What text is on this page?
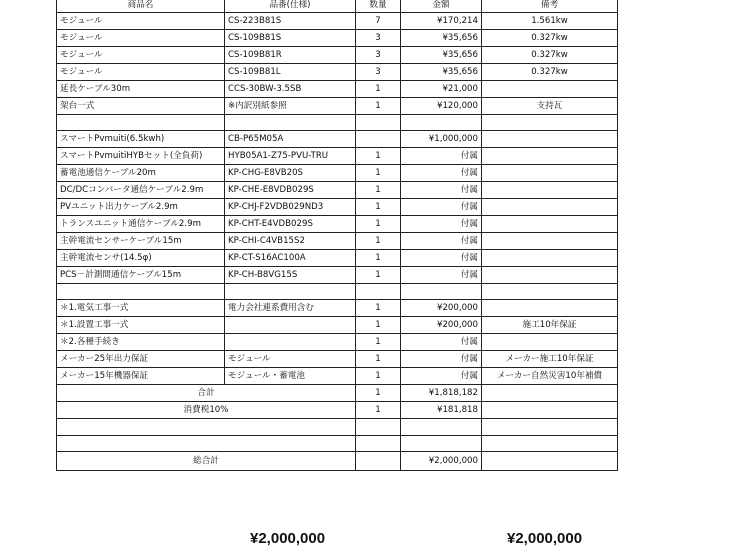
商品名	品番(仕様)	数量	金額	備考
モジュール	CS-223B81S	7	¥170,214	1.561kw
モジュール	CS-109B81S	3	¥35,656	0.327kw
モジュール	CS-109B81R	3	¥35,656	0.327kw
モジュール	CS-109B81L	3	¥35,656	0.327kw
延長ケーブル30m	CCS-30BW-3.5SB	1	¥21,000	
架台一式	※内訳別紙参照	1	¥120,000	支持瓦

スマートPvmuiti(6.5kwh)	CB-P65M05A		¥1,000,000	
スマートPvmuitiHYBセット(全負荷)	HYB05A1-Z75-PVU-TRU	1	付属	
蓄電池通信ケーブル20m	KP-CHG-E8VB20S	1	付属	
DC/DCコンバータ通信ケーブル2.9m	KP-CHE-E8VDB029S	1	付属	
PVユニット出力ケーブル2.9m	KP-CHJ-F2VDB029ND3	1	付属	
トランスユニット通信ケーブル2.9m	KP-CHT-E4VDB029S	1	付属	
主幹電流センサーケーブル15m	KP-CHI-C4VB15S2	1	付属	
主幹電流センサ(14.5φ)	KP-CT-S16AC100A	1	付属	
PCS－計測間通信ケーブル15m	KP-CH-B8VG15S	1	付属	

＊1.電気工事一式	電力会社連系費用含む	1	¥200,000	
＊1.設置工事一式		1	¥200,000	施工10年保証
＊2.各種手続き		1	付属	
メーカー25年出力保証	モジュール	1	付属	メーカー施工10年保証
メーカー15年機器保証	モジュール・蓄電池	1	付属	メーカー自然災害10年補償
合計		1	¥1,818,182	
消費税10%		1	¥181,818	

総合計			¥2,000,000	
¥2,000,000	¥2,000,000
